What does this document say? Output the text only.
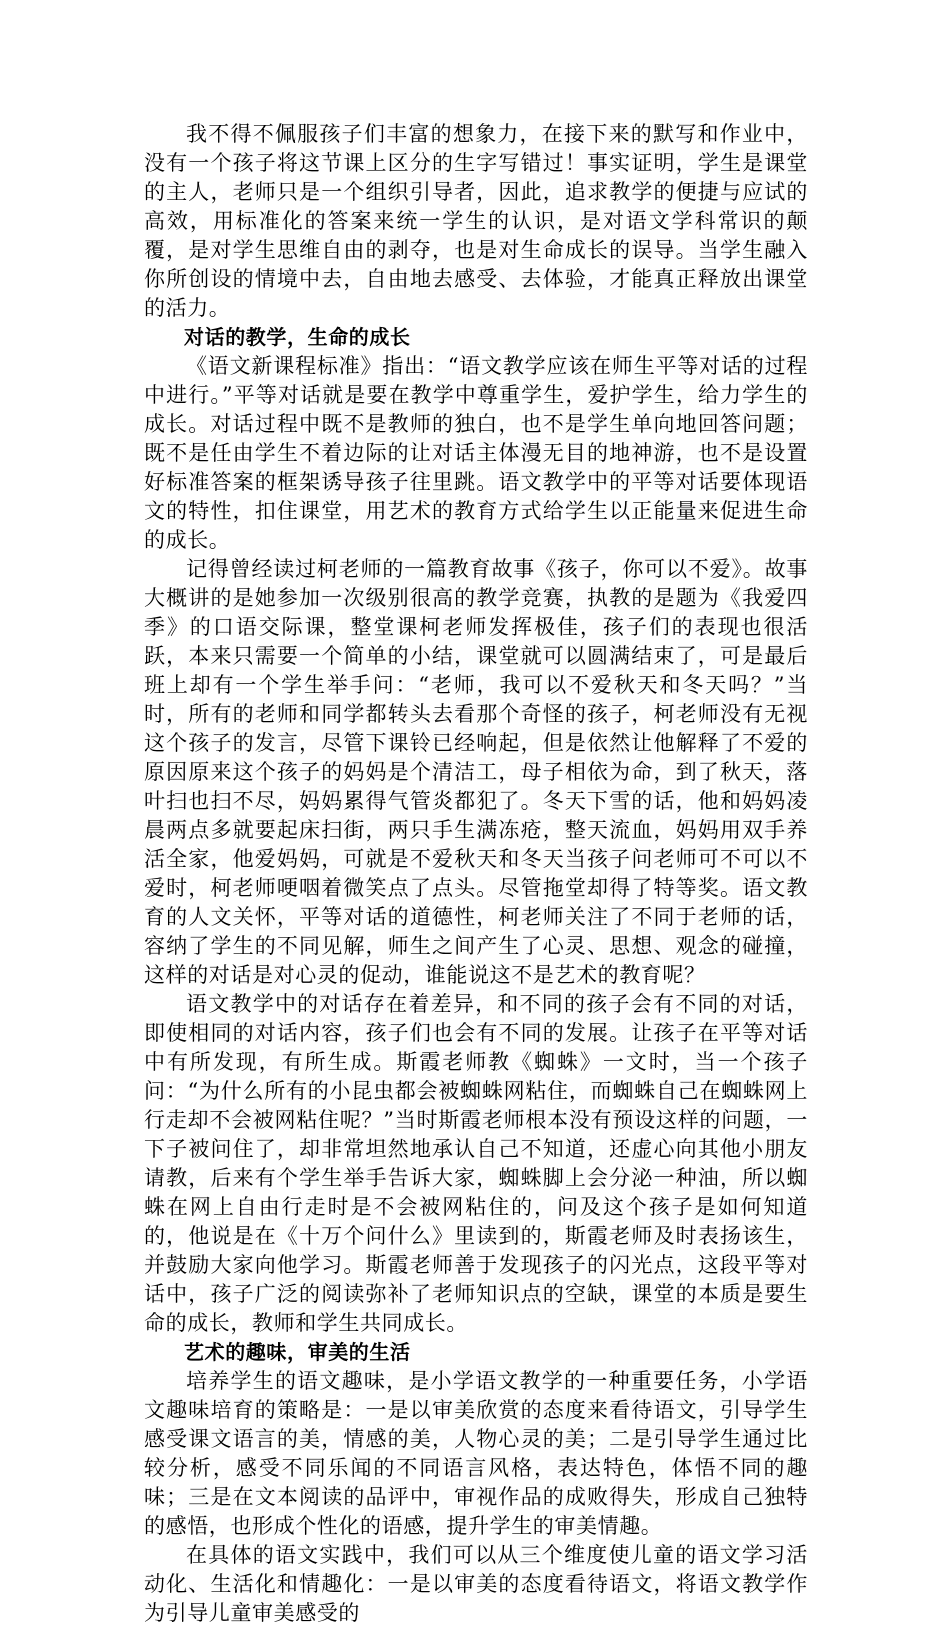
我不得不佩服孩子们丰富的想象力，在接下来的默写和作业中，没有一个孩子将这节课上区分的生字写错过！事实证明，学生是课堂的主人，老师只是一个组织引导者，因此，追求教学的便捷与应试的高效，用标准化的答案来统一学生的认识，是对语文学科常识的颠覆，是对学生思维自由的剥夺，也是对生命成长的误导。当学生融入你所创设的情境中去，自由地去感受、去体验，才能真正释放出课堂的活力。

对话的教学，生命的成长

《语文新课程标准》指出：“语文教学应该在师生平等对话的过程中进行。”平等对话就是要在教学中尊重学生，爱护学生，给力学生的成长。对话过程中既不是教师的独白，也不是学生单向地回答问题；既不是任由学生不着边际的让对话主体漫无目的地神游，也不是设置好标准答案的框架诱导孩子往里跳。语文教学中的平等对话要体现语文的特性，扣住课堂，用艺术的教育方式给学生以正能量来促进生命的成长。

记得曾经读过柯老师的一篇教育故事《孩子，你可以不爱》。故事大概讲的是她参加一次级别很高的教学竞赛，执教的是题为《我爱四季》的口语交际课，整堂课柯老师发挥极佳，孩子们的表现也很活跃，本来只需要一个简单的小结，课堂就可以圆满结束了，可是最后班上却有一个学生举手问：“老师，我可以不爱秋天和冬天吗？”当时，所有的老师和同学都转头去看那个奇怪的孩子，柯老师没有无视这个孩子的发言，尽管下课铃已经响起，但是依然让他解释了不爱的原因原来这个孩子的妈妈是个清洁工，母子相依为命，到了秋天，落叶扫也扫不尽，妈妈累得气管炎都犯了。冬天下雪的话，他和妈妈凌晨两点多就要起床扫街，两只手生满冻疮，整天流血，妈妈用双手养活全家，他爱妈妈，可就是不爱秋天和冬天当孩子问老师可不可以不爱时，柯老师哽咽着微笑点了点头。尽管拖堂却得了特等奖。语文教育的人文关怀，平等对话的道德性，柯老师关注了不同于老师的话，容纳了学生的不同见解，师生之间产生了心灵、思想、观念的碰撞，这样的对话是对心灵的促动，谁能说这不是艺术的教育呢？

语文教学中的对话存在着差异，和不同的孩子会有不同的对话，即使相同的对话内容，孩子们也会有不同的发展。让孩子在平等对话中有所发现，有所生成。斯霞老师教《蜘蛛》一文时，当一个孩子问：“为什么所有的小昆虫都会被蜘蛛网粘住，而蜘蛛自己在蜘蛛网上行走却不会被网粘住呢？”当时斯霞老师根本没有预设这样的问题，一下子被问住了，却非常坦然地承认自己不知道，还虚心向其他小朋友请教，后来有个学生举手告诉大家，蜘蛛脚上会分泌一种油，所以蜘蛛在网上自由行走时是不会被网粘住的，问及这个孩子是如何知道的，他说是在《十万个问什么》里读到的，斯霞老师及时表扬该生，并鼓励大家向他学习。斯霞老师善于发现孩子的闪光点，这段平等对话中，孩子广泛的阅读弥补了老师知识点的空缺，课堂的本质是要生命的成长，教师和学生共同成长。

艺术的趣味，审美的生活

培养学生的语文趣味，是小学语文教学的一种重要任务，小学语文趣味培育的策略是：一是以审美欣赏的态度来看待语文，引导学生感受课文语言的美，情感的美，人物心灵的美；二是引导学生通过比较分析，感受不同乐闻的不同语言风格，表达特色，体悟不同的趣味；三是在文本阅读的品评中，审视作品的成败得失，形成自己独特的感悟，也形成个性化的语感，提升学生的审美情趣。

在具体的语文实践中，我们可以从三个维度使儿童的语文学习活动化、生活化和情趣化：一是以审美的态度看待语文，将语文教学作为引导儿童审美感受的
